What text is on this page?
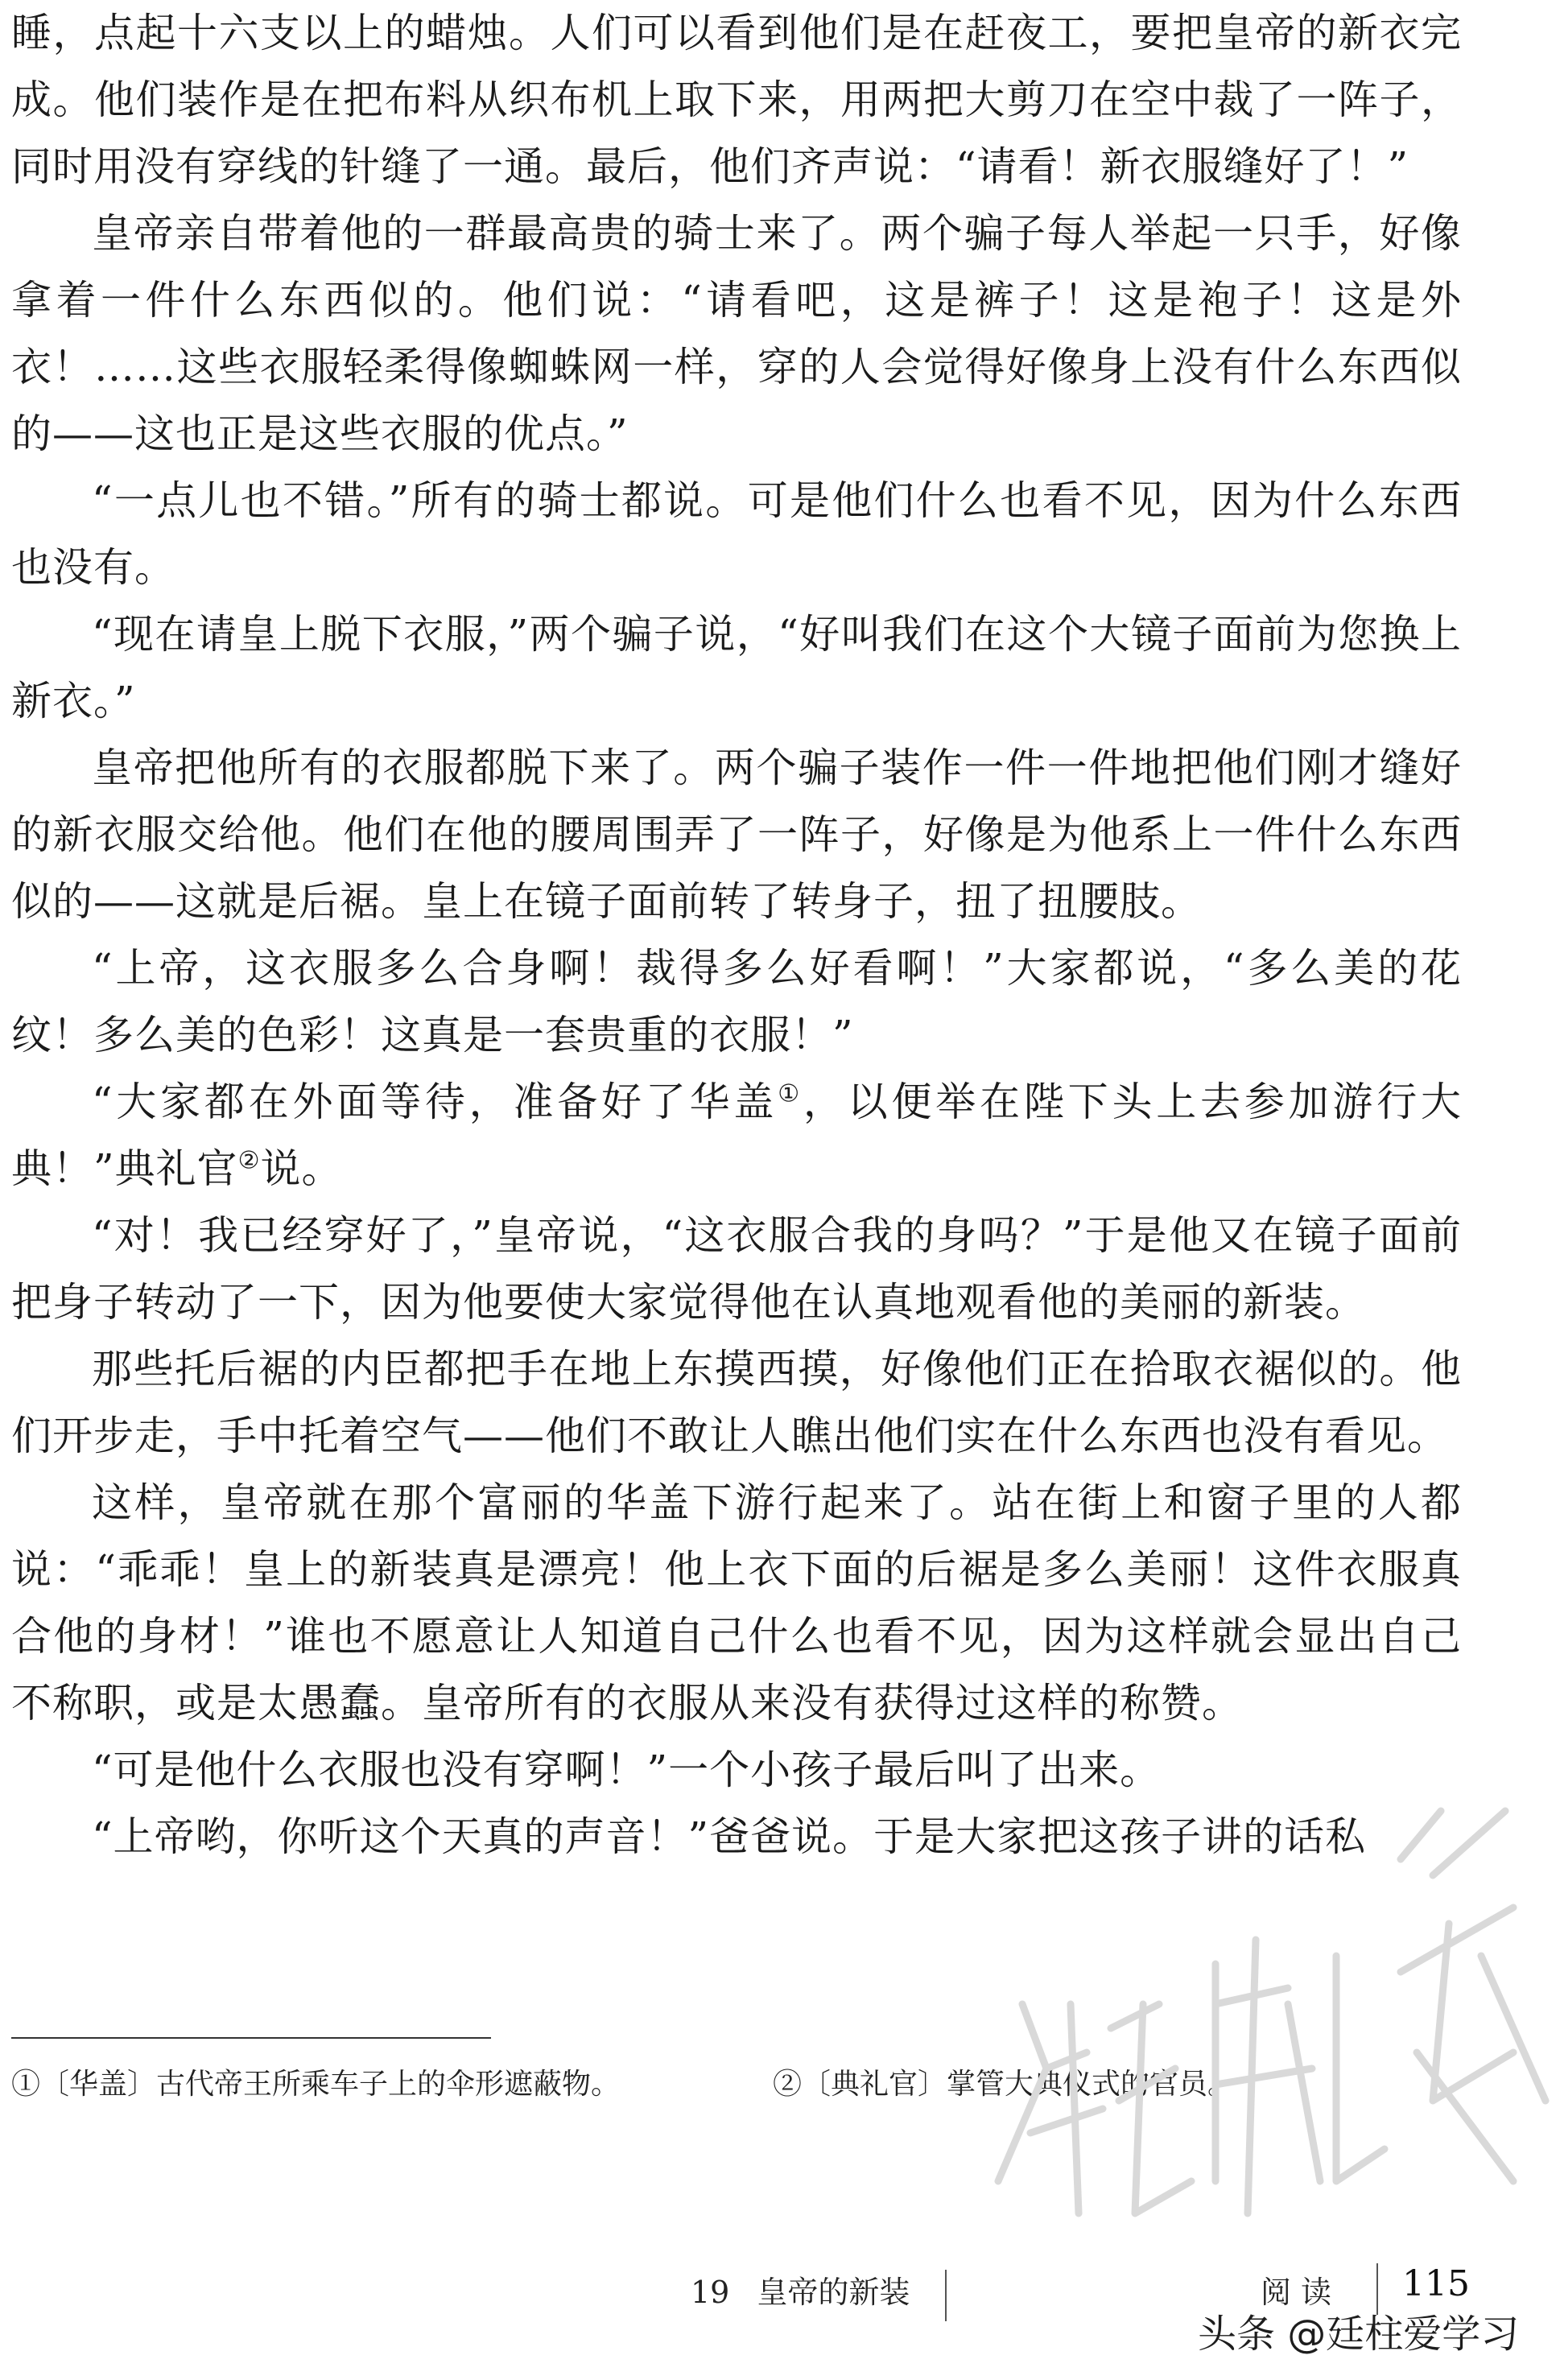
睡，点起十六支以上的蜡烛。人们可以看到他们是在赶夜工，要把皇帝的新衣完成。他们装作是在把布料从织布机上取下来，用两把大剪刀在空中裁了一阵子，同时用没有穿线的针缝了一通。最后，他们齐声说：“请看！新衣服缝好了！”

皇帝亲自带着他的一群最高贵的骑士来了。两个骗子每人举起一只手，好像拿着一件什么东西似的。他们说：“请看吧，这是裤子！这是袍子！这是外衣！……这些衣服轻柔得像蜘蛛网一样，穿的人会觉得好像身上没有什么东西似的——这也正是这些衣服的优点。”

“一点儿也不错。”所有的骑士都说。可是他们什么也看不见，因为什么东西也没有。

“现在请皇上脱下衣服，”两个骗子说，“好叫我们在这个大镜子面前为您换上新衣。”

皇帝把他所有的衣服都脱下来了。两个骗子装作一件一件地把他们刚才缝好的新衣服交给他。他们在他的腰周围弄了一阵子，好像是为他系上一件什么东西似的——这就是后裾。皇上在镜子面前转了转身子，扭了扭腰肢。

“上帝，这衣服多么合身啊！裁得多么好看啊！”大家都说，“多么美的花纹！多么美的色彩！这真是一套贵重的衣服！”

“大家都在外面等待，准备好了华盖①，以便举在陛下头上去参加游行大典！”典礼官②说。

“对！我已经穿好了，”皇帝说，“这衣服合我的身吗？”于是他又在镜子面前把身子转动了一下，因为他要使大家觉得他在认真地观看他的美丽的新装。

那些托后裾的内臣都把手在地上东摸西摸，好像他们正在拾取衣裾似的。他们开步走，手中托着空气——他们不敢让人瞧出他们实在什么东西也没有看见。

这样，皇帝就在那个富丽的华盖下游行起来了。站在街上和窗子里的人都说：“乖乖！皇上的新装真是漂亮！他上衣下面的后裾是多么美丽！这件衣服真合他的身材！”谁也不愿意让人知道自己什么也看不见，因为这样就会显出自己不称职，或是太愚蠢。皇帝所有的衣服从来没有获得过这样的称赞。

“可是他什么衣服也没有穿啊！”一个小孩子最后叫了出来。

“上帝哟，你听这个天真的声音！”爸爸说。于是大家把这孩子讲的话私

①〔华盖〕古代帝王所乘车子上的伞形遮蔽物。	②〔典礼官〕掌管大典仪式的官员。
19 皇帝的新装	阅读 115
头条 @廷柱爱学习
